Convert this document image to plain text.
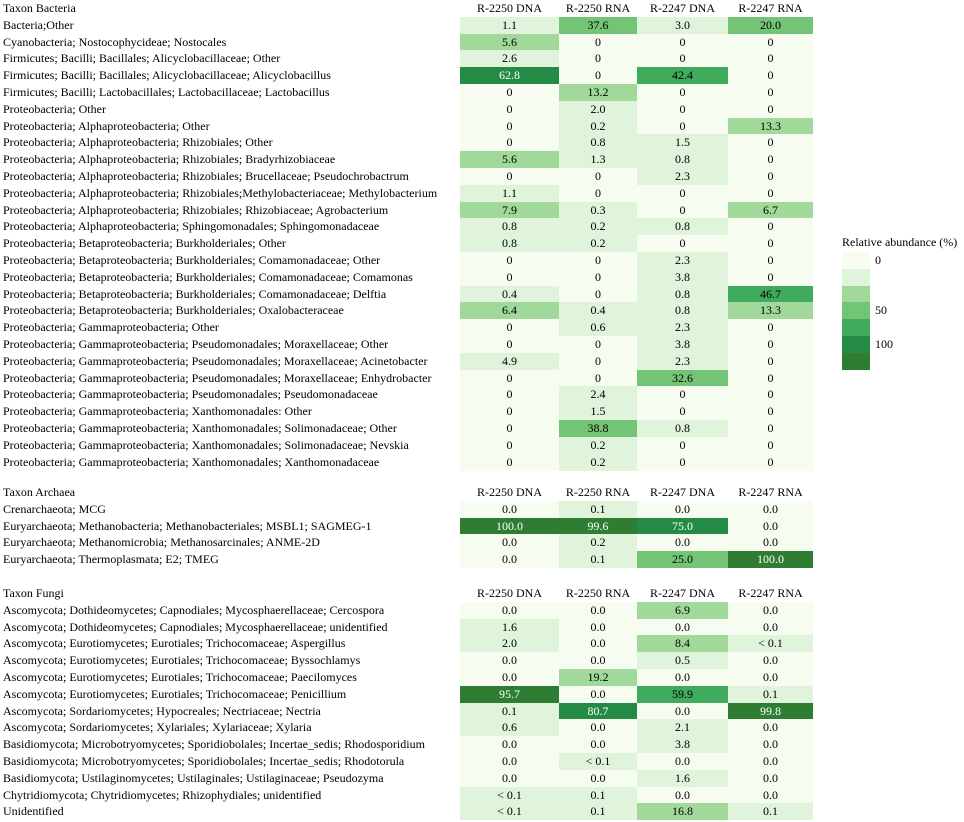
Taxon Bacteria	R-2250 DNA	R-2250 RNA	R-2247 DNA	R-2247 RNA
Bacteria;Other	1.1	37.6	3.0	20.0
Cyanobacteria; Nostocophycideae; Nostocales	5.6	0	0	0
Firmicutes; Bacilli; Bacillales; Alicyclobacillaceae; Other	2.6	0	0	0
Firmicutes; Bacilli; Bacillales; Alicyclobacillaceae; Alicyclobacillus	62.8	0	42.4	0
Firmicutes; Bacilli; Lactobacillales; Lactobacillaceae; Lactobacillus	0	13.2	0	0
Proteobacteria; Other	0	2.0	0	0
Proteobacteria; Alphaproteobacteria; Other	0	0.2	0	13.3
Proteobacteria; Alphaproteobacteria; Rhizobiales; Other	0	0.8	1.5	0
Proteobacteria; Alphaproteobacteria; Rhizobiales; Bradyrhizobiaceae	5.6	1.3	0.8	0
Proteobacteria; Alphaproteobacteria; Rhizobiales; Brucellaceae; Pseudochrobactrum	0	0	2.3	0
Proteobacteria; Alphaproteobacteria; Rhizobiales;Methylobacteriaceae; Methylobacterium	1.1	0	0	0
Proteobacteria; Alphaproteobacteria; Rhizobiales; Rhizobiaceae; Agrobacterium	7.9	0.3	0	6.7
Proteobacteria; Alphaproteobacteria; Sphingomonadales; Sphingomonadaceae	0.8	0.2	0.8	0
Proteobacteria; Betaproteobacteria; Burkholderiales; Other	0.8	0.2	0	0
Proteobacteria; Betaproteobacteria; Burkholderiales; Comamonadaceae; Other	0	0	2.3	0
Proteobacteria; Betaproteobacteria; Burkholderiales; Comamonadaceae; Comamonas	0	0	3.8	0
Proteobacteria; Betaproteobacteria; Burkholderiales; Comamonadaceae; Delftia	0.4	0	0.8	46.7
Proteobacteria; Betaproteobacteria; Burkholderiales; Oxalobacteraceae	6.4	0.4	0.8	13.3
Proteobacteria; Gammaproteobacteria; Other	0	0.6	2.3	0
Proteobacteria; Gammaproteobacteria; Pseudomonadales; Moraxellaceae; Other	0	0	3.8	0
Proteobacteria; Gammaproteobacteria; Pseudomonadales; Moraxellaceae; Acinetobacter	4.9	0	2.3	0
Proteobacteria; Gammaproteobacteria; Pseudomonadales; Moraxellaceae; Enhydrobacter	0	0	32.6	0
Proteobacteria; Gammaproteobacteria; Pseudomonadales; Pseudomonadaceae	0	2.4	0	0
Proteobacteria; Gammaproteobacteria; Xanthomonadales: Other	0	1.5	0	0
Proteobacteria; Gammaproteobacteria; Xanthomonadales; Solimonadaceae; Other	0	38.8	0.8	0
Proteobacteria; Gammaproteobacteria; Xanthomonadales; Solimonadaceae; Nevskia	0	0.2	0	0
Proteobacteria; Gammaproteobacteria; Xanthomonadales; Xanthomonadaceae	0	0.2	0	0
Taxon Archaea	R-2250 DNA	R-2250 RNA	R-2247 DNA	R-2247 RNA
Crenarchaeota; MCG	0.0	0.1	0.0	0.0
Euryarchaeota; Methanobacteria; Methanobacteriales; MSBL1; SAGMEG-1	100.0	99.6	75.0	0.0
Euryarchaeota; Methanomicrobia; Methanosarcinales; ANME-2D	0.0	0.2	0.0	0.0
Euryarchaeota; Thermoplasmata; E2; TMEG	0.0	0.1	25.0	100.0
Taxon Fungi	R-2250 DNA	R-2250 RNA	R-2247 DNA	R-2247 RNA
Ascomycota; Dothideomycetes; Capnodiales; Mycosphaerellaceae; Cercospora	0.0	0.0	6.9	0.0
Ascomycota; Dothideomycetes; Capnodiales; Mycosphaerellaceae; unidentified	1.6	0.0	0.0	0.0
Ascomycota; Eurotiomycetes; Eurotiales; Trichocomaceae; Aspergillus	2.0	0.0	8.4	< 0.1
Ascomycota; Eurotiomycetes; Eurotiales; Trichocomaceae; Byssochlamys	0.0	0.0	0.5	0.0
Ascomycota; Eurotiomycetes; Eurotiales; Trichocomaceae; Paecilomyces	0.0	19.2	0.0	0.0
Ascomycota; Eurotiomycetes; Eurotiales; Trichocomaceae; Penicillium	95.7	0.0	59.9	0.1
Ascomycota; Sordariomycetes; Hypocreales; Nectriaceae; Nectria	0.1	80.7	0.0	99.8
Ascomycota; Sordariomycetes; Xylariales; Xylariaceae; Xylaria	0.6	0.0	2.1	0.0
Basidiomycota; Microbotryomycetes; Sporidiobolales; Incertae_sedis; Rhodosporidium	0.0	0.0	3.8	0.0
Basidiomycota; Microbotryomycetes; Sporidiobolales; Incertae_sedis; Rhodotorula	0.0	< 0.1	0.0	0.0
Basidiomycota; Ustilaginomycetes; Ustilaginales; Ustilaginaceae; Pseudozyma	0.0	0.0	1.6	0.0
Chytridiomycota; Chytridiomycetes; Rhizophydiales; unidentified	< 0.1	0.1	0.0	0.0
Unidentified	< 0.1	0.1	16.8	0.1
Relative abundance (%)
0
50
100
